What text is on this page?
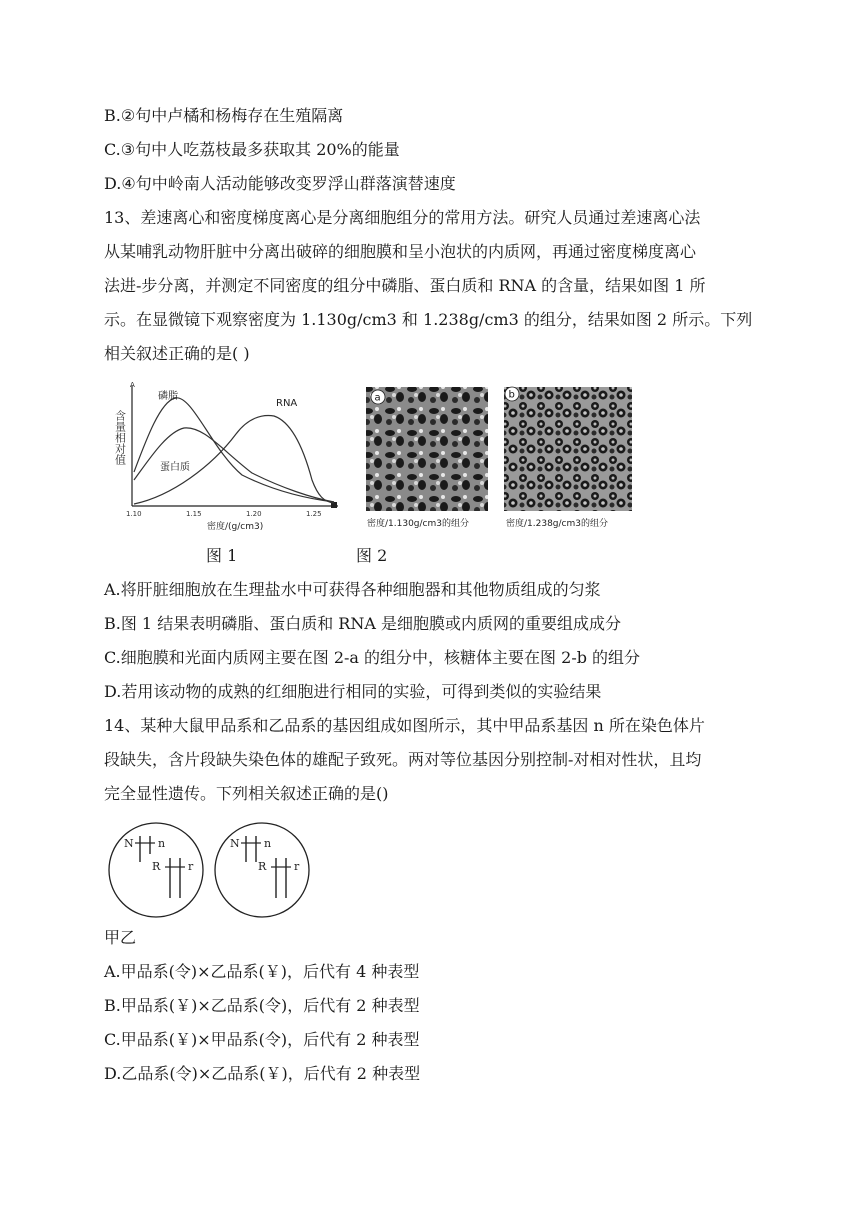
B.②句中卢橘和杨梅存在生殖隔离
C.③句中人吃荔枝最多获取其 20%的能量
D.④句中岭南人活动能够改变罗浮山群落演替速度
13、差速离心和密度梯度离心是分离细胞组分的常用方法。研究人员通过差速离心法
从某哺乳动物肝脏中分离出破碎的细胞膜和呈小泡状的内质网，再通过密度梯度离心
法进-步分离，并测定不同密度的组分中磷脂、蛋白质和 RNA 的含量，结果如图 1 所
示。在显微镜下观察密度为 1.130g/cm3 和 1.238g/cm3 的组分，结果如图 2 所示。下列
相关叙述正确的是( )
A
含量相对值
磷脂
RNA
蛋白质
1.10	1.15	1.20	1.25
密度/(g/cm3)
a
密度/1.130g/cm3的组分
b
密度/1.238g/cm3的组分
图 1	图 2
A.将肝脏细胞放在生理盐水中可获得各种细胞器和其他物质组成的匀浆
B.图 1 结果表明磷脂、蛋白质和 RNA 是细胞膜或内质网的重要组成成分
C.细胞膜和光面内质网主要在图 2-a 的组分中，核糖体主要在图 2-b 的组分
D.若用该动物的成熟的红细胞进行相同的实验，可得到类似的实验结果
14、某种大鼠甲品系和乙品系的基因组成如图所示，其中甲品系基因 n 所在染色体片
段缺失，含片段缺失染色体的雄配子致死。两对等位基因分别控制-对相对性状，且均
完全显性遗传。下列相关叙述正确的是()
N n
R	r
N n
R	r
甲乙
A.甲品系(令)×乙品系(￥)，后代有 4 种表型
B.甲品系(￥)×乙品系(令)，后代有 2 种表型
C.甲品系(￥)×甲品系(令)，后代有 2 种表型
D.乙品系(令)×乙品系(￥)，后代有 2 种表型
